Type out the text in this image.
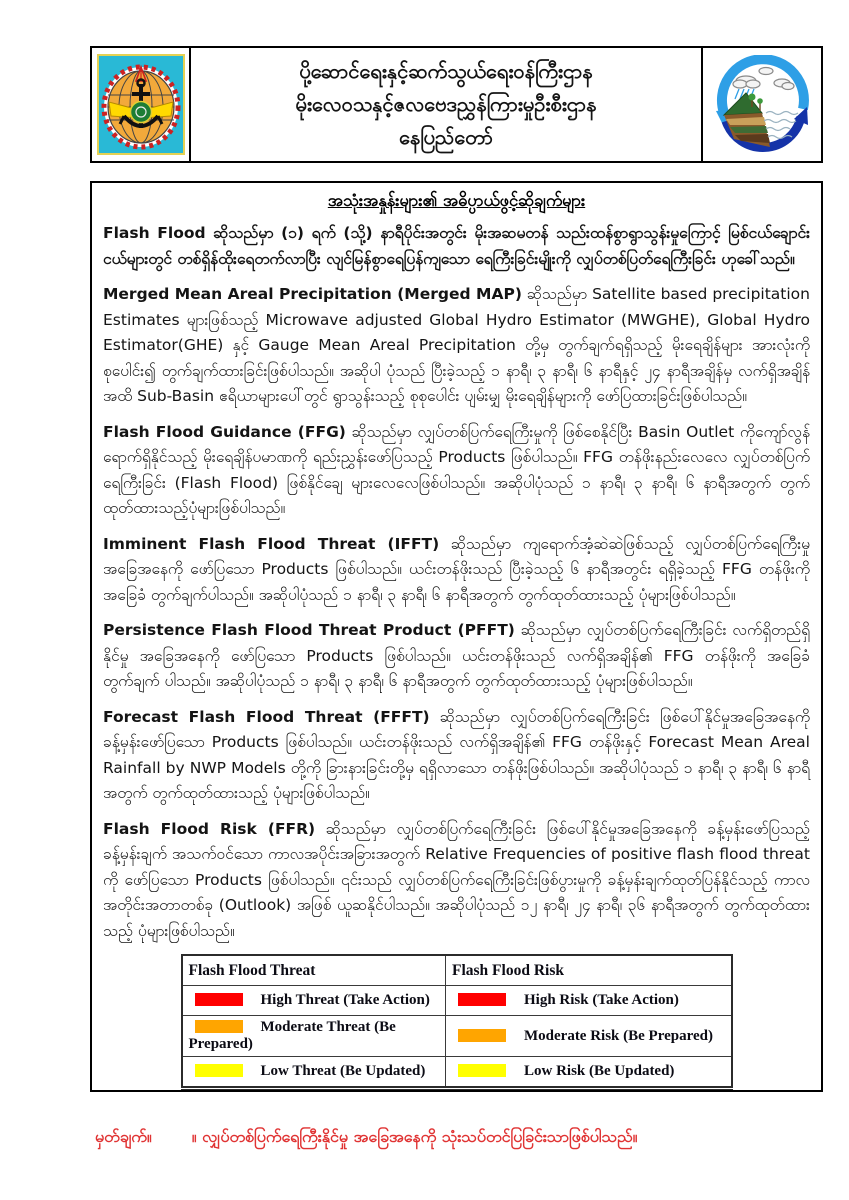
ပို့ဆောင်ရေးနှင့်ဆက်သွယ်ရေးဝန်ကြီးဌာန
မိုးလေဝသနှင့်ဇလဗေဒညွှန်ကြားမှုဦးစီးဌာန
နေပြည်တော်
အသုံးအနှုန်းများ၏ အဓိပ္ပာယ်ဖွင့်ဆိုချက်များ

Flash Flood ဆိုသည်မှာ (၁) ရက် (သို့) နာရီပိုင်းအတွင်း မိုးအဆမတန် သည်းထန်စွာရွာသွန်းမှုကြောင့် မြစ်ငယ်ချောင်းငယ်များတွင် တစ်ရှိန်ထိုးရေတက်လာပြီး လျင်မြန်စွာရေပြန်ကျသော ရေကြီးခြင်းမျိုးကို လျှပ်တစ်ပြတ်ရေကြီးခြင်း ဟုခေါ်သည်။

Merged Mean Areal Precipitation (Merged MAP) ဆိုသည်မှာ Satellite based precipitation Estimates များဖြစ်သည့် Microwave adjusted Global Hydro Estimator (MWGHE), Global Hydro Estimator(GHE) နှင့် Gauge Mean Areal Precipitation တို့မှ တွက်ချက်ရရှိသည့် မိုးရေချိန်များ အားလုံးကိုစုပေါင်း၍ တွက်ချက်ထားခြင်းဖြစ်ပါသည်။ အဆိုပါ ပုံသည် ပြီးခဲ့သည့် ၁ နာရီ၊ ၃ နာရီ၊ ၆ နာရီနှင့် ၂၄ နာရီအချိန်မှ လက်ရှိအချိန်အထိ Sub-Basin ဧရိယာများပေါ်တွင် ရွာသွန်းသည့် စုစုပေါင်း ပျမ်းမျှ မိုးရေချိန်များကို ဖော်ပြထားခြင်းဖြစ်ပါသည်။

Flash Flood Guidance (FFG) ဆိုသည်မှာ လျှပ်တစ်ပြက်ရေကြီးမှုကို ဖြစ်စေနိုင်ပြီး Basin Outlet ကိုကျော်လွန်ရောက်ရှိနိုင်သည့် မိုးရေချိန်ပမာဏကို ရည်းညွှန်းဖော်ပြသည့် Products ဖြစ်ပါသည်။ FFG တန်ဖိုးနည်းလေလေ လျှပ်တစ်ပြက်ရေကြီးခြင်း (Flash Flood) ဖြစ်နိုင်ချေ များလေလေဖြစ်ပါသည်။ အဆိုပါပုံသည် ၁ နာရီ၊ ၃ နာရီ၊ ၆ နာရီအတွက် တွက်ထုတ်ထားသည့်ပုံများဖြစ်ပါသည်။

Imminent Flash Flood Threat (IFFT) ဆိုသည်မှာ ကျရောက်အံ့ဆဲဆဲဖြစ်သည့် လျှပ်တစ်ပြက်ရေကြီးမှု အခြေအနေကို ဖော်ပြသော Products ဖြစ်ပါသည်။ ယင်းတန်ဖိုးသည် ပြီးခဲ့သည့် ၆ နာရီအတွင်း ရရှိခဲ့သည့် FFG တန်ဖိုးကို အခြေခံ တွက်ချက်ပါသည်။ အဆိုပါပုံသည် ၁ နာရီ၊ ၃ နာရီ၊ ၆ နာရီအတွက် တွက်ထုတ်ထားသည့် ပုံများဖြစ်ပါသည်။

Persistence Flash Flood Threat Product (PFFT) ဆိုသည်မှာ လျှပ်တစ်ပြက်ရေကြီးခြင်း လက်ရှိတည်ရှိနိုင်မှု အခြေအနေကို ဖော်ပြသော Products ဖြစ်ပါသည်။ ယင်းတန်ဖိုးသည် လက်ရှိအချိန်၏ FFG တန်ဖိုးကို အခြေခံတွက်ချက် ပါသည်။ အဆိုပါပုံသည် ၁ နာရီ၊ ၃ နာရီ၊ ၆ နာရီအတွက် တွက်ထုတ်ထားသည့် ပုံများဖြစ်ပါသည်။

Forecast Flash Flood Threat (FFFT) ဆိုသည်မှာ လျှပ်တစ်ပြက်ရေကြီးခြင်း ဖြစ်ပေါ်နိုင်မှုအခြေအနေကို ခန့်မှန်းဖော်ပြသော Products ဖြစ်ပါသည်။ ယင်းတန်ဖိုးသည် လက်ရှိအချိန်၏ FFG တန်ဖိုးနှင့် Forecast Mean Areal Rainfall by NWP Models တို့ကို ခြားနားခြင်းတို့မှ ရရှိလာသော တန်ဖိုးဖြစ်ပါသည်။ အဆိုပါပုံသည် ၁ နာရီ၊ ၃ နာရီ၊ ၆ နာရီအတွက် တွက်ထုတ်ထားသည့် ပုံများဖြစ်ပါသည်။

Flash Flood Risk (FFR) ဆိုသည်မှာ လျှပ်တစ်ပြက်ရေကြီးခြင်း ဖြစ်ပေါ်နိုင်မှုအခြေအနေကို ခန့်မှန်းဖော်ပြသည့် ခန့်မှန်းချက် အသက်ဝင်သော ကာလအပိုင်းအခြားအတွက် Relative Frequencies of positive flash flood threat ကို ဖော်ပြသော Products ဖြစ်ပါသည်။ ၎င်းသည် လျှပ်တစ်ပြက်ရေကြီးခြင်းဖြစ်ပွားမှုကို ခန့်မှန်းချက်ထုတ်ပြန်နိုင်သည့် ကာလအတိုင်းအတာတစ်ခု (Outlook) အဖြစ် ယူဆနိုင်ပါသည်။ အဆိုပါပုံသည် ၁၂ နာရီ၊ ၂၄ နာရီ၊ ၃၆ နာရီအတွက် တွက်ထုတ်ထားသည့် ပုံများဖြစ်ပါသည်။

Flash Flood Threat	Flash Flood Risk
High Threat (Take Action)	High Risk (Take Action)
Moderate Threat (Be Prepared)	Moderate Risk (Be Prepared)
Low Threat (Be Updated)	Low Risk (Be Updated)
မှတ်ချက်။	။ လျှပ်တစ်ပြက်ရေကြီးနိုင်မှု အခြေအနေကို သုံးသပ်တင်ပြခြင်းသာဖြစ်ပါသည်။
